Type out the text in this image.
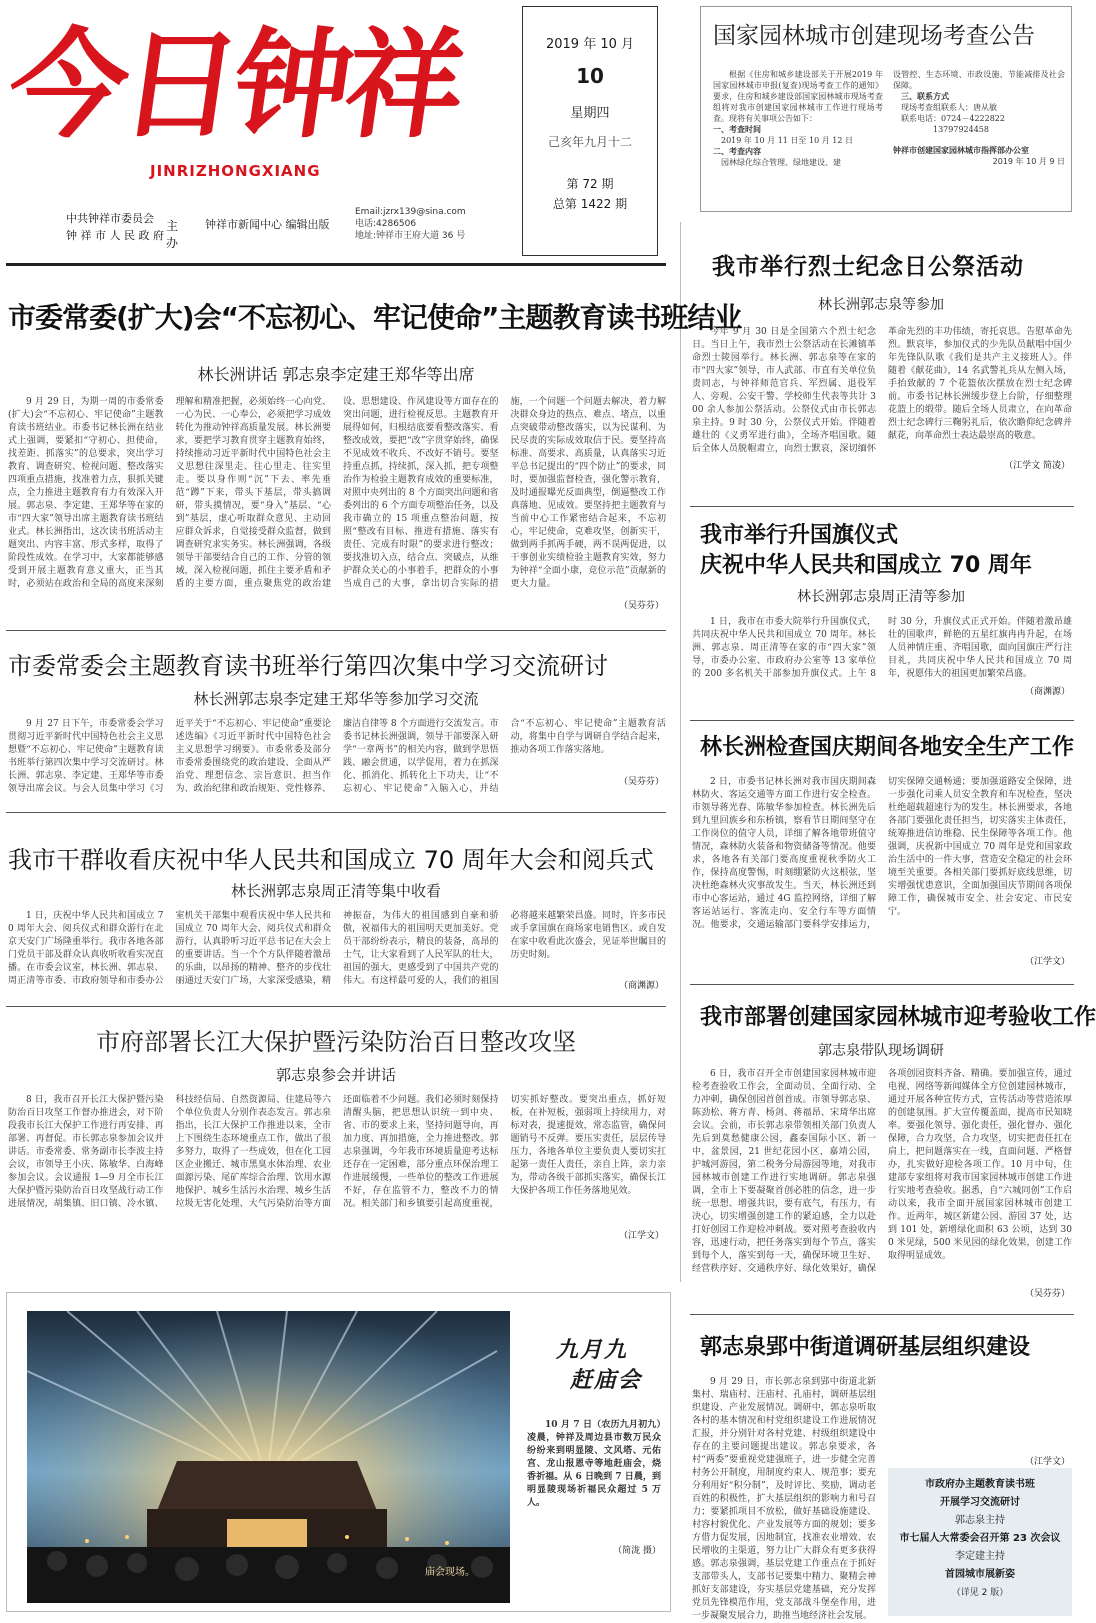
今日钟祥
JINRIZHONGXIANG
中共钟祥市委员会
钟 祥 市 人 民 政 府
主办
钟祥市新闻中心 编辑出版
Email:jzrx139@sina.com
电话:4286506
地址:钟祥市王府大道 36 号
2019 年 10 月
10
星期四
己亥年九月十二
第 72 期
总第 1422 期
国家园林城市创建现场考查公告

根据《住房和城乡建设部关于开展2019 年国家园林城市申报(复查)现场考查工作的通知》要求，住房和城乡建设部国家园林城市现场考查组将对我市创建国家园林城市工作进行现场考查。现将有关事项公告如下：

一、考查时间
2019 年 10 月 11 日至 10 月 12 日
二、考查内容
园林绿化综合管理、绿地建设、建
设管控、生态环境、市政设施、节能减排及社会保障。
三、联系方式
现场考查组联系人：唐从敏
联系电话：0724－4222822
13797924458
钟祥市创建国家园林城市指挥部办公室
2019 年 10 月 9 日
市委常委(扩大)会“不忘初心、牢记使命”主题教育读书班结业
林长洲讲话 郭志泉李定建王郑华等出席

9 月 29 日，为期一周的市委常委(扩大)会“不忘初心、牢记使命”主题教育读书班结业。市委书记林长洲在结业式上强调，要紧扣“守初心、担使命，找差距、抓落实”的总要求，突出学习教育、调查研究、检视问题、整改落实四项重点措施，找准着力点，狠抓关键点，全力推进主题教育有力有效深入开展。郭志泉、李定建、王郑华等在家的市“四大家”领导出席主题教育读书班结业式。林长洲指出，这次读书班活动主题突出、内容丰富、形式多样，取得了阶段性成效。在学习中，大家都能够感受到开展主题教育意义重大，正当其时，必须站在政治和全局的高度来深刻理解和精准把握，必须始终一心向党、一心为民、一心奉公，必须把学习成效转化为推动钟祥高质量发展。林长洲要求，要把学习教育贯穿主题教育始终，持续推动习近平新时代中国特色社会主义思想往深里走、往心里走、往实里走。要以身作则“沉”下去、率先垂范“蹲”下来，带头下基层，带头搞调研，带头摸情况，要“身入”基层、“心到”基层，虚心听取群众意见、主动回应群众诉求，自觉接受群众监督，做到调查研究求实务实。林长洲强调，各级领导干部要结合自己的工作、分管的领域，深入检视问题，抓住主要矛盾和矛盾的主要方面，重点聚焦党的政治建设、思想建设、作风建设等方面存在的突出问题，进行检视反思。主题教育开展得如何，归根结底要看整改落实、看整改成效，要把“改”字贯穿始终，确保不见成效不收兵、不改好不销号。要坚持重点抓，持续抓，深入抓，把专项整治作为检验主题教育成效的重要标准，对照中央列出的 8 个方面突出问题和省委列出的 6 个方面专项整治任务，以及我市确立的 15 项重点整治问题，按照“整改有目标、推进有措施、落实有责任、完成有时限”的要求进行整改；要找准切入点，结合点、突破点，从维护群众关心的小事着手，把群众的小事当成自己的大事，拿出切合实际的措施，一个问题一个问题去解决，着力解决群众身边的热点、难点、堵点，以重点突破带动整改落实，以为民谋利、为民尽责的实际成效取信于民。要坚持高标准、高要求、高质量，认真落实习近平总书记提出的“四个防止”的要求，同时，要加强监督检查，强化警示教育，及时通报曝光反面典型，倒逼整改工作真落地、见成效。要坚持把主题教育与当前中心工作紧密结合起来，不忘初心，牢记使命，克难攻坚，创新实干，做到两手抓两手硬，两不误两促进，以干事创业实绩检验主题教育实效，努力为钟祥“全面小康，竞位示范”贡献新的更大力量。

（吴芬芬）
市委常委会主题教育读书班举行第四次集中学习交流研讨
林长洲郭志泉李定建王郑华等参加学习交流

9 月 27 日下午，市委常委会学习贯彻习近平新时代中国特色社会主义思想暨“不忘初心、牢记使命”主题教育读书班举行第四次集中学习交流研讨。林长洲、郭志泉、李定建、王郑华等市委领导出席会议。与会人员集中学习《习近平关于“不忘初心、牢记使命”重要论述选编》《习近平新时代中国特色社会主义思想学习纲要》。市委常委及部分市委常委围绕党的政治建设、全面从严治党、理想信念、宗旨意识、担当作为、政治纪律和政治规矩、党性修养、廉洁自律等 8 个方面进行交流发言。市委书记林长洲强调，领导干部要深入研学“一章两书”的相关内容，做到学思悟践、融会贯通，以学促用，着力在抓深化、抓消化、抓转化上下功夫，让“不忘初心、牢记使命”入脑入心，并结合“不忘初心、牢记使命”主题教育活动，将集中自学与调研自学结合起来，推动各项工作落实落地。

（吴芬芬）
我市干群收看庆祝中华人民共和国成立 70 周年大会和阅兵式
林长洲郭志泉周正清等集中收看

1 日，庆祝中华人民共和国成立 70 周年大会、阅兵仪式和群众游行在北京天安门广场隆重举行。我市各地各部门党员干部及群众认真收听收看实况直播。在市委会议室，林长洲、郭志泉、周正清等市委、市政府领导和市委办公室机关干部集中观看庆祝中华人民共和国成立 70 周年大会、阅兵仪式和群众游行，认真聆听习近平总书记在大会上的重要讲话。当一个个方队伴随着激昂的乐曲，以昂扬的精神、整齐的步伐壮丽通过天安门广场，大家深受感染，精神振奋，为伟大的祖国感到自豪和骄傲，祝福伟大的祖国明天更加美好。党员干部纷纷表示，精良的装备，高昂的士气，让大家看到了人民军队的壮大，祖国的强大，更感受到了中国共产党的伟大。有这样最可爱的人，我们的祖国必将越来越繁荣昌盛。同时，许多市民或手拿国旗在商场家电销售区、或自发在家中收看此次盛会，见证举世瞩目的历史时刻。

（商渊源）
市府部署长江大保护暨污染防治百日整改攻坚
郭志泉参会并讲话

8 日，我市召开长江大保护暨污染防治百日攻坚工作督办推进会，对下阶段我市长江大保护工作进行再安排、再部署、再督促。市长郭志泉参加会议并讲话。市委常委、常务副市长李波主持会议，市领导王小庆、陈敏华、白海峰参加会议。会议通报 1—9 月全市长江大保护暨污染防治百日攻坚战行动工作进展情况，胡集镇、旧口镇、冷水镇、科技经信局、自然资源局、住建局等六个单位负责人分别作表态发言。郭志泉指出，长江大保护工作推进以来，全市上下围绕生态环境重点工作，做出了很多努力，取得了一些成效，但在化工园区企业搬迁、城市黑臭水体治理、农业面源污染、尾矿库综合治理、饮用水源地保护、城乡生活污水治理、城乡生活垃圾无害化处理、大气污染防治等方面还面临着不少问题。我们必须时刻保持清醒头脑，把思想认识统一到中央、省、市的要求上来，坚持问题导向，再加力度、再加措施，全力推进整改。郭志泉强调，今年我市环境质量迎考达标还存在一定困难，部分重点环保治理工作进展缓慢，一些单位的整改工作进展不好，存在监管不力，整改不力的情况。相关部门和乡镇要引起高度重视，切实抓好整改。要突出重点，抓好短板，在补短板，强弱项上持续用力，对标对表，提速提效，常态监管，确保问题销号不反弹。要压实责任，层层传导压力，各地各单位主要负责人要切实扛起第一责任人责任，亲自上阵，亲力亲为，带动各级干部抓实落实，确保长江大保护各项工作任务落地见效。

（江学文）
庙会现场。
九月九
赶庙会

10 月 7 日（农历九月初九）凌晨，钟祥及周边县市数万民众纷纷来到明显陵、文风塔、元佑宫、龙山报恩寺等地赶庙会，烧香祈福。从 6 日晚到 7 日晨，到明显陵现场祈福民众超过 5 万人。

（简泷 摄）
我市举行烈士纪念日公祭活动
林长洲郭志泉等参加

今年 9 月 30 日是全国第六个烈士纪念日。当日上午，我市烈士公祭活动在长滩镇革命烈士陵园举行。林长洲、郭志泉等在家的市“四大家”领导，市人武部、市直有关单位负责同志，与钟祥师范官兵、军烈属、退役军人、旁观、公安干警、学校师生代表等共计 300 余人参加公祭活动。公祭仪式由市长郭志泉主持。9 时 30 分，公祭仪式开始。伴随着雄壮的《义勇军进行曲》，全场齐唱国歌。随后全体人员脱帽肃立，向烈士默哀，深切缅怀革命先烈的丰功伟绩，寄托哀思。告慰革命先烈。默哀毕，参加仪式的少先队员献唱中国少年先锋队队歌《我们是共产主义接班人》。伴随着《献花曲》，14 名武警礼兵从左侧入场，手抬致献的 7 个花篮依次摆放在烈士纪念碑前。市委书记林长洲缓步登上台阶，仔细整理花篮上的缎带。随后全场人员肃立，在向革命烈士纪念碑行三鞠躬礼后，依次瞻仰纪念碑并献花，向革命烈士表达最崇高的敬意。

（江学文 简凌）
我市举行升国旗仪式
庆祝中华人民共和国成立 70 周年
林长洲郭志泉周正清等参加

1 日，我市在市委大院举行升国旗仪式，共同庆祝中华人民共和国成立 70 周年。林长洲、郭志泉、周正清等在家的市“四大家”领导，市委办公室、市政府办公室等 13 家单位的 200 多名机关干部参加升旗仪式。上午 8 时 30 分，升旗仪式正式开始。伴随着激昂雄壮的国歌声，鲜艳的五星红旗冉冉升起，在场人员神情庄重、齐唱国歌，面向国旗庄严行注目礼，共同庆祝中华人民共和国成立 70 周年，祝愿伟大的祖国更加繁荣昌盛。

（商渊源）
林长洲检查国庆期间各地安全生产工作

2 日，市委书记林长洲对我市国庆期间森林防火、客运交通等方面工作进行安全检查。市领导蒋光春、陈敏华参加检查。林长洲先后到九里回族乡和东桥镇，察看节日期间坚守在工作岗位的值守人员，详细了解各地带班值守情况，森林防火装备和物资储备等情况。他要求，各地各有关部门要高度重视秋季防火工作，保持高度警惕，时刻绷紧防火这根弦，坚决杜绝森林火灾事故发生。当天，林长洲还到市中心客运站，通过 4G 监控网络，详细了解客运站运行、客流走向、安全行车等方面情况。他要求，交通运输部门要科学安排运力，切实保障交通畅通；要加强道路安全保障，进一步强化司乘人员安全教育和车况检查，坚决杜绝超载超速行为的发生。林长洲要求，各地各部门要强化责任担当，切实落实主体责任，统筹推进信访维稳、民生保障等各项工作。他强调，庆祝新中国成立 70 周年是党和国家政治生活中的一件大事，营造安全稳定的社会环境至关重要。各相关部门要抓好底线思维，切实增强忧患意识，全面加强国庆节期间各项保障工作，确保城市安全、社会安定、市民安宁。

（江学文）
我市部署创建国家园林城市迎考验收工作
郭志泉带队现场调研

6 日，我市召开全市创建国家园林城市迎检考查验收工作会，全面动员、全面行动、全力冲刺，确保创园首创首成。市领导郭志泉、陈劲松、蒋方青、杨剑、蒋福昂、宋琦华出席会议。会前，市长郭志泉带领相关部门负责人先后到莫愁健康公园，鑫泰国际小区、新一中，盆景园，21 世纪花园小区，嘉靖公园，护城河游园，第二税务分局游园等地，对我市园林城市创建工作进行实地调研。郭志泉强调，全市上下要凝聚首创必胜的信念，进一步统一思想、增强共识，要有底气，有压力，有决心，切实增强创建工作的紧迫感，全力以赴打好创园工作迎检冲刺战。要对照考查验收内容，迅速行动，把任务落实到每个节点，落实到每个人，落实到每一天，确保环境卫生好、经营秩序好、交通秩序好、绿化效果好，确保各项创园资料齐备、精确。要加强宣传，通过电视、网络等新闻媒体全方位创建园林城市，通过开展各种宣传方式，宣传活动等营造浓厚的创建氛围。扩大宣传覆盖面，提高市民知晓率。要强化领导、强化责任，强化督办、强化保障，合力攻坚，合力攻坚，切实把责任扛在肩上，把问题落实在一线，直面问题、严格督办，扎实做好迎检各项工作。10 月中旬，住建部专家组将对我市国家园林城市创建工作进行实地考查验收。据悉，自“六城同创”工作启动以来，我市全面开展国家园林城市创建工作。近两年，城区新建公园、游园 37 处，达到 101 处，新增绿化面积 63 公顷，达到 300 米见绿，500 米见园的绿化效果，创建工作取得明显成效。

（吴芬芬）
郭志泉郢中街道调研基层组织建设

9 月 29 日，市长郭志泉到郢中街道北新集村、瑞庙村、汪庙村、孔庙村，调研基层组织建设、产业发展情况。调研中，郭志泉听取各村的基本情况和村党组织建设工作进展情况汇报，并分别针对各村党建、村级组织建设中存在的主要问题提出建议。郭志泉要求，各村“两委”要重视党建强班子，进一步健全完善村务公开制度，用制度约束人、规范事；要充分利用好“积分制”，及时评比、奖励，调动老百姓的积极性，扩大基层组织的影响力和号召力；要紧抓项目不放松，做好基础设施建设、村容村貌优化、产业发展等方面的规划；要多方借力促发展，因地制宜，找准农业增效、农民增收的主渠道，努力让广大群众有更多获得感。郭志泉强调，基层党建工作重点在于抓好支部带头人，支部书记要集中精力、聚精会神抓好支部建设，夯实基层党建基础，充分发挥党员先锋模范作用，党支部战斗堡垒作用，进一步凝聚发展合力，助推当地经济社会发展。

（江学文）
市政府办主题教育读书班
开展学习交流研讨
郭志泉主持
市七届人大常委会召开第 23 次会议
李定建主持
首园城市展新姿
（详见 2 版）
